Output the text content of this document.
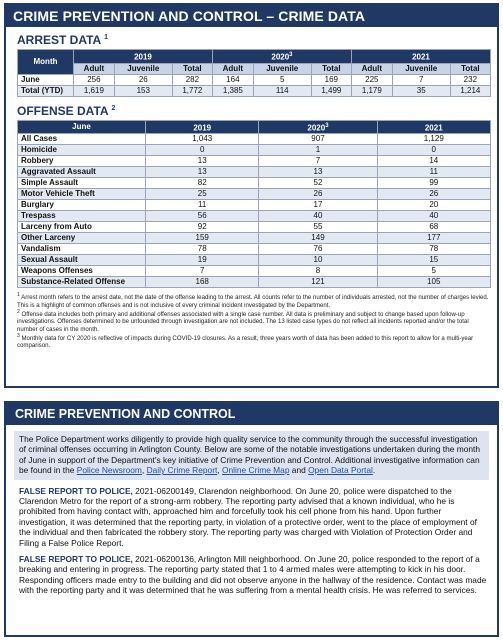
CRIME PREVENTION AND CONTROL – CRIME DATA
ARREST DATA $^1$
Month	2019			2020$^3$			2021		
	Adult	Juvenile	Total	Adult	Juvenile	Total	Adult	Juvenile	Total
June	256	26	282	164	5	169	225	7	232
Total (YTD)	1,619	153	1,772	1,385	114	1,499	1,179	35	1,214
OFFENSE DATA $^2$
June	2019	2020$^3$	2021
All Cases	1,043	907	1,129
Homicide	0	1	0
Robbery	13	7	14
Aggravated Assault	13	13	11
Simple Assault	82	52	99
Motor Vehicle Theft	25	26	26
Burglary	11	17	20
Trespass	56	40	40
Larceny from Auto	92	55	68
Other Larceny	159	149	177
Vandalism	78	76	78
Sexual Assault	19	10	15
Weapons Offenses	7	8	5
Substance-Related Offense	168	121	105

$^1$ Arrest month refers to the arrest date, not the date of the offense leading to the arrest. All counts refer to the number of individuals arrested, not the number of charges levied. This is a highlight of common offenses and is not inclusive of every criminal incident investigated by the Department.

$^2$ Offense data includes both primary and additional offenses associated with a single case number. All data is preliminary and subject to change based upon follow-up investigations. Offenses determined to be unfounded through investigation are not included. The 13 listed case types do not reflect all incidents reported and/or the total number of cases in the month.

$^3$ Monthly data for CY 2020 is reflective of impacts during COVID-19 closures. As a result, three years worth of data has been added to this report to allow for a multi-year comparison.

CRIME PREVENTION AND CONTROL
The Police Department works diligently to provide high quality service to the community through the successful investigation of criminal offenses occurring in Arlington County. Below are some of the notable investigations undertaken during the month of June in support of the Department's key initiative of Crime Prevention and Control. Additional investigative information can be found in the Police Newsroom, Daily Crime Report, Online Crime Map and Open Data Portal.

FALSE REPORT TO POLICE, 2021-06200149, Clarendon neighborhood. On June 20, police were dispatched to the Clarendon Metro for the report of a strong-arm robbery. The reporting party advised that a known individual, who he is prohibited from having contact with, approached him and forcefully took his cell phone from his hand. Upon further investigation, it was determined that the reporting party, in violation of a protective order, went to the place of employment of the individual and then fabricated the robbery story. The reporting party was charged with Violation of Protection Order and Filing a False Police Report.

FALSE REPORT TO POLICE, 2021-06200136, Arlington Mill neighborhood. On June 20, police responded to the report of a breaking and entering in progress. The reporting party stated that 1 to 4 armed males were attempting to kick in his door. Responding officers made entry to the building and did not observe anyone in the hallway of the residence. Contact was made with the reporting party and it was determined that he was suffering from a mental health crisis. He was referred to services.
